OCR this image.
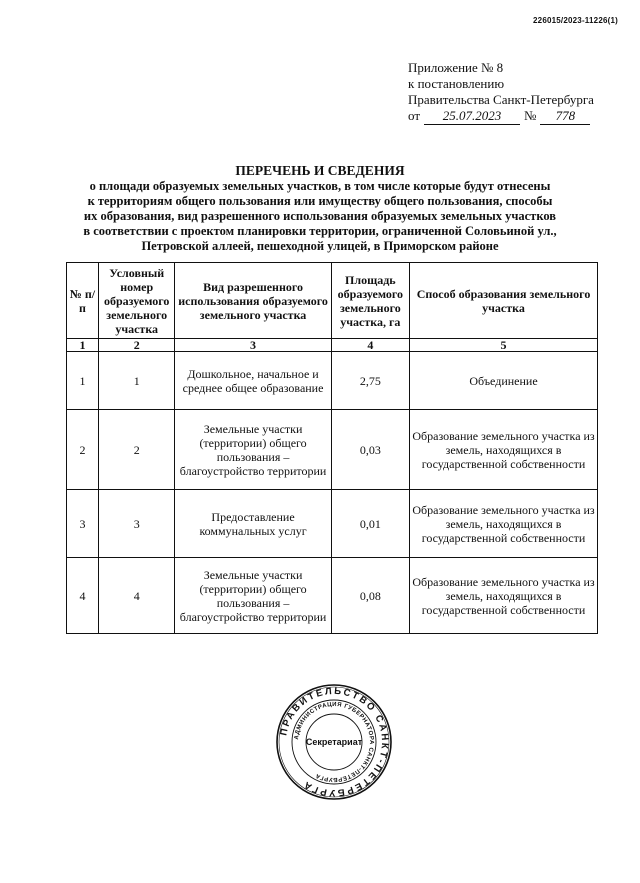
226015/2023-11226(1)
Приложение № 8
к постановлению
Правительства Санкт-Петербурга
от 25.07.2023 № 778
ПЕРЕЧЕНЬ И СВЕДЕНИЯ
о площади образуемых земельных участков, в том числе которые будут отнесены
к территориям общего пользования или имуществу общего пользования, способы
их образования, вид разрешенного использования образуемых земельных участков
в соответствии с проектом планировки территории, ограниченной Соловьиной ул.,
Петровской аллеей, пешеходной улицей, в Приморском районе
№ п/п	Условный номер образуемого земельного участка	Вид разрешенного использования образуемого земельного участка	Площадь образуемого земельного участка, га	Способ образования земельного участка
1	2	3	4	5
1	1	Дошкольное, начальное и среднее общее образование	2,75	Объединение
2	2	Земельные участки (территории) общего пользования – благоустройство территории	0,03	Образование земельного участка из земель, находящихся в государственной собственности
3	3	Предоставление коммунальных услуг	0,01	Образование земельного участка из земель, находящихся в государственной собственности
4	4	Земельные участки (территории) общего пользования – благоустройство территории	0,08	Образование земельного участка из земель, находящихся в государственной собственности
ПРАВИТЕЛЬСТВО САНКТ-ПЕТЕРБУРГА
АДМИНИСТРАЦИЯ ГУБЕРНАТОРА САНКТ-ПЕТЕРБУРГА
Секретариат
